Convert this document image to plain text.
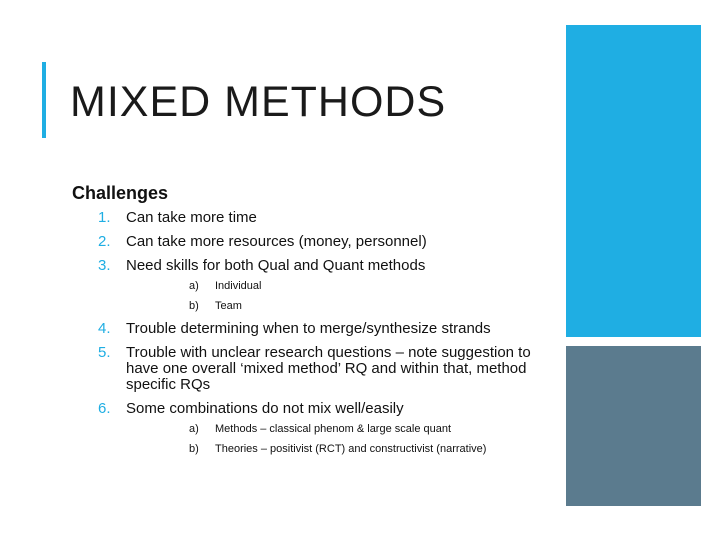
MIXED METHODS
Challenges
1. Can take more time
2. Can take more resources (money, personnel)
3. Need skills for both Qual and Quant methods
a) Individual
b) Team
4. Trouble determining when to merge/synthesize strands
5. Trouble with unclear research questions – note suggestion to have one overall ‘mixed method’ RQ and within that, method specific RQs
6. Some combinations do not mix well/easily
a) Methods – classical phenom & large scale quant
b) Theories – positivist (RCT) and constructivist (narrative)
